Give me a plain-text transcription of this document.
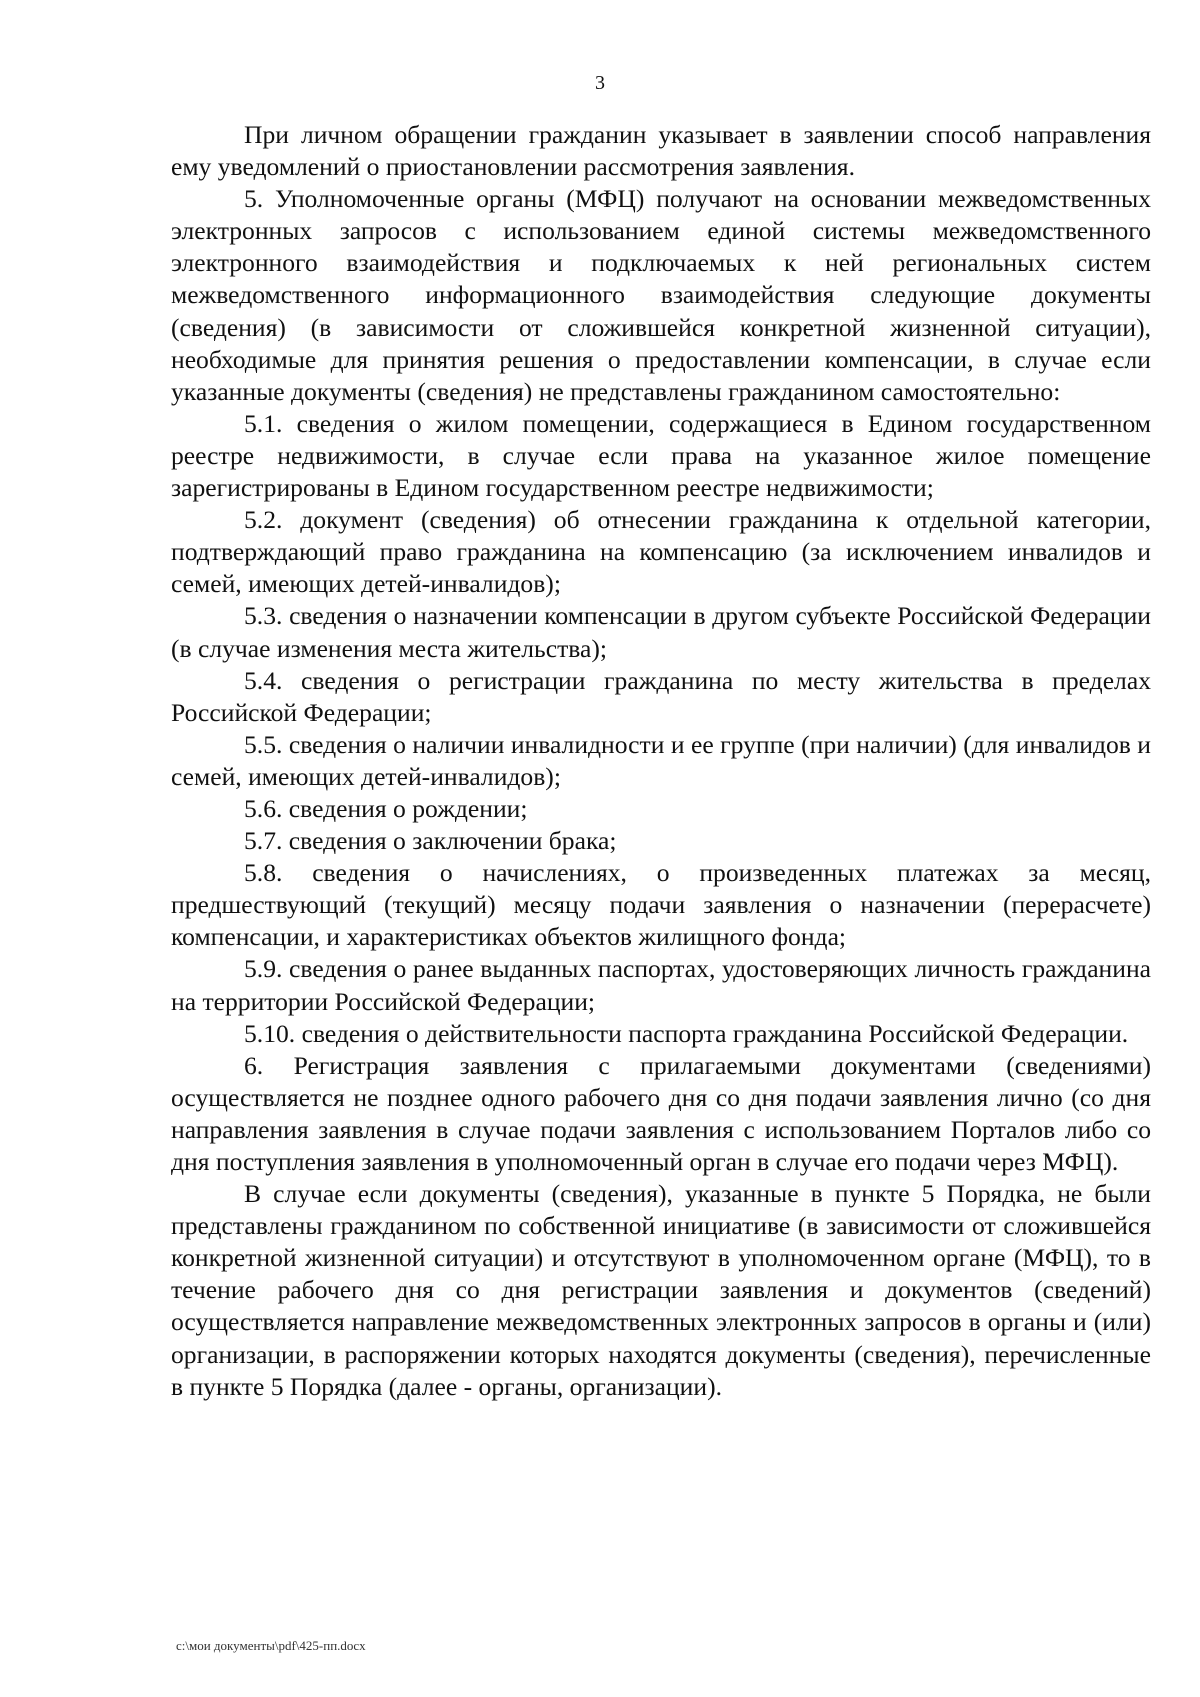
3

При личном обращении гражданин указывает в заявлении способ направления ему уведомлений о приостановлении рассмотрения заявления.

5. Уполномоченные органы (МФЦ) получают на основании межведомственных электронных запросов с использованием единой системы межведомственного электронного взаимодействия и подключаемых к ней региональных систем межведомственного информационного взаимодействия следующие документы (сведения) (в зависимости от сложившейся конкретной жизненной ситуации), необходимые для принятия решения о предоставлении компенсации, в случае если указанные документы (сведения) не представлены гражданином самостоятельно:

5.1. сведения о жилом помещении, содержащиеся в Едином государственном реестре недвижимости, в случае если права на указанное жилое помещение зарегистрированы в Едином государственном реестре недвижимости;

5.2. документ (сведения) об отнесении гражданина к отдельной категории, подтверждающий право гражданина на компенсацию (за исключением инвалидов и семей, имеющих детей-инвалидов);

5.3. сведения о назначении компенсации в другом субъекте Российской Федерации (в случае изменения места жительства);

5.4. сведения о регистрации гражданина по месту жительства в пределах Российской Федерации;

5.5. сведения о наличии инвалидности и ее группе (при наличии) (для инвалидов и семей, имеющих детей-инвалидов);

5.6. сведения о рождении;

5.7. сведения о заключении брака;

5.8. сведения о начислениях, о произведенных платежах за месяц, предшествующий (текущий) месяцу подачи заявления о назначении (перерасчете) компенсации, и характеристиках объектов жилищного фонда;

5.9. сведения о ранее выданных паспортах, удостоверяющих личность гражданина на территории Российской Федерации;

5.10. сведения о действительности паспорта гражданина Российской Федерации.

6. Регистрация заявления с прилагаемыми документами (сведениями) осуществляется не позднее одного рабочего дня со дня подачи заявления лично (со дня направления заявления в случае подачи заявления с использованием Порталов либо со дня поступления заявления в уполномоченный орган в случае его подачи через МФЦ).

В случае если документы (сведения), указанные в пункте 5 Порядка, не были представлены гражданином по собственной инициативе (в зависимости от сложившейся конкретной жизненной ситуации) и отсутствуют в уполномоченном органе (МФЦ), то в течение рабочего дня со дня регистрации заявления и документов (сведений) осуществляется направление межведомственных электронных запросов в органы и (или) организации, в распоряжении которых находятся документы (сведения), перечисленные в пункте 5 Порядка (далее - органы, организации).

c:\мои документы\pdf\425-пп.docx
